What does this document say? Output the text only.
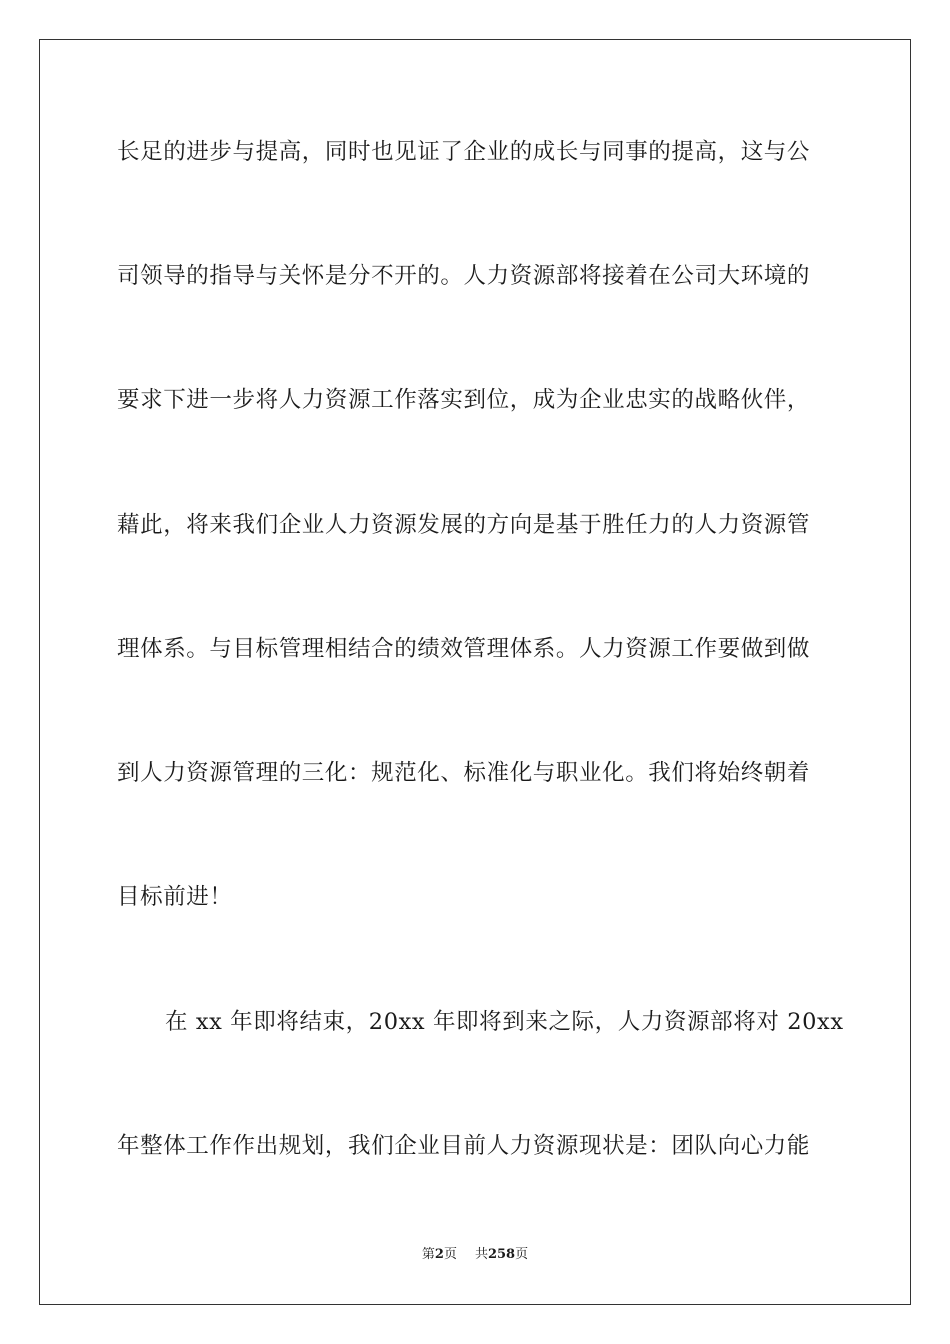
长足的进步与提高，同时也见证了企业的成长与同事的提高，这与公
司领导的指导与关怀是分不开的。人力资源部将接着在公司大环境的
要求下进一步将人力资源工作落实到位，成为企业忠实的战略伙伴，
藉此，将来我们企业人力资源发展的方向是基于胜任力的人力资源管
理体系。与目标管理相结合的绩效管理体系。人力资源工作要做到做
到人力资源管理的三化：规范化、标准化与职业化。我们将始终朝着
目标前进！
在 xx 年即将结束，20xx 年即将到来之际，人力资源部将对 20xx
年整体工作作出规划，我们企业目前人力资源现状是：团队向心力能
第2页 共258页
